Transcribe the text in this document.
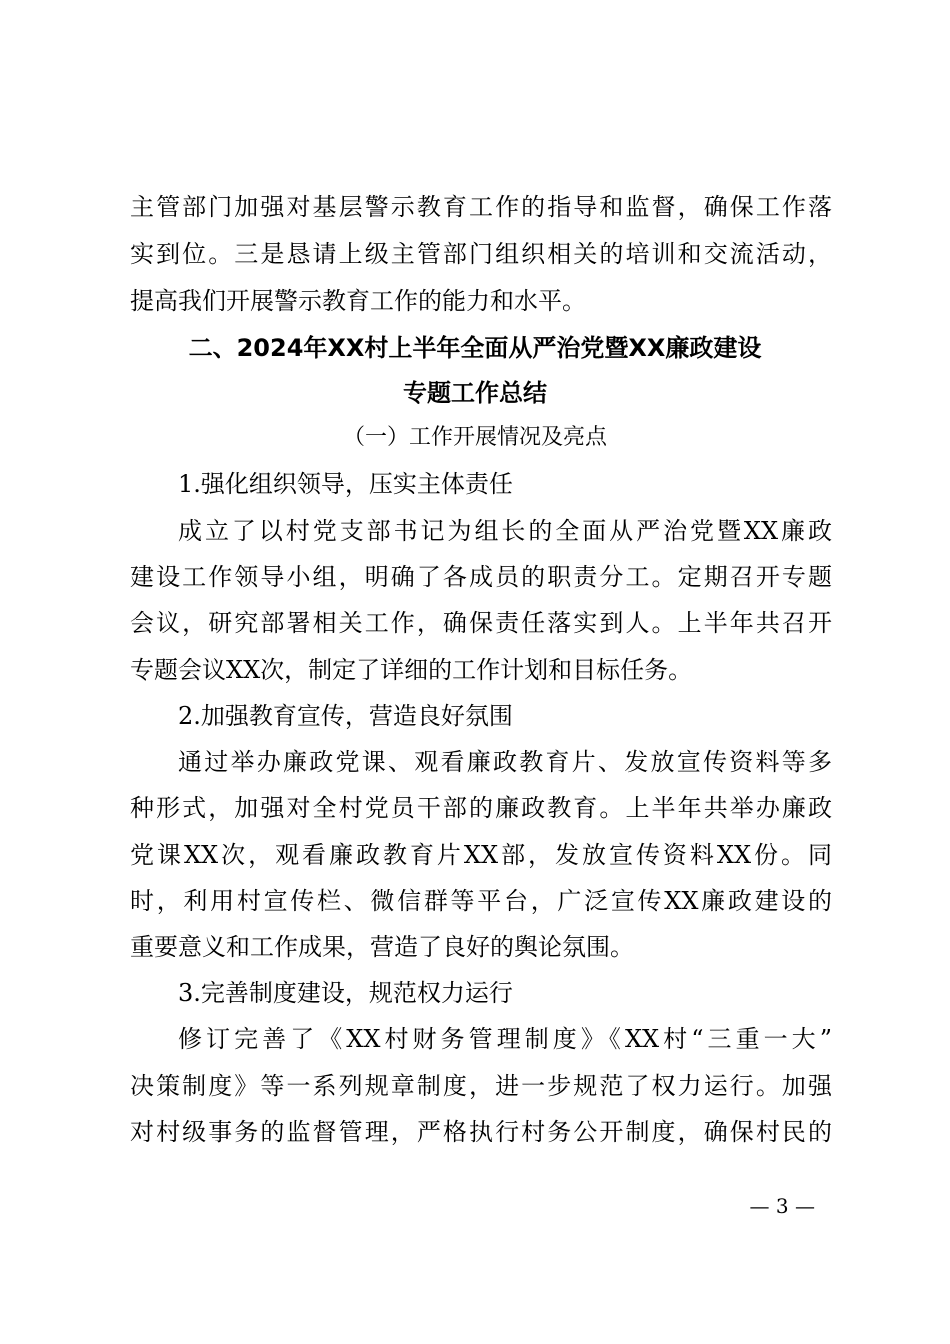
主管部门加强对基层警示教育工作的指导和监督，确保工作落
实到位。三是恳请上级主管部门组织相关的培训和交流活动，
提高我们开展警示教育工作的能力和水平。
二、2024年XX村上半年全面从严治党暨XX廉政建设
专题工作总结
（一）工作开展情况及亮点
1.强化组织领导，压实主体责任
成立了以村党支部书记为组长的全面从严治党暨XX廉政
建设工作领导小组，明确了各成员的职责分工。定期召开专题
会议，研究部署相关工作，确保责任落实到人。上半年共召开
专题会议XX次，制定了详细的工作计划和目标任务。
2.加强教育宣传，营造良好氛围
通过举办廉政党课、观看廉政教育片、发放宣传资料等多
种形式，加强对全村党员干部的廉政教育。上半年共举办廉政
党课XX次，观看廉政教育片XX部，发放宣传资料XX份。同
时，利用村宣传栏、微信群等平台，广泛宣传XX廉政建设的
重要意义和工作成果，营造了良好的舆论氛围。
3.完善制度建设，规范权力运行
修订完善了《XX村财务管理制度》《XX村“三重一大”
决策制度》等一系列规章制度，进一步规范了权力运行。加强
对村级事务的监督管理，严格执行村务公开制度，确保村民的
— 3 —
